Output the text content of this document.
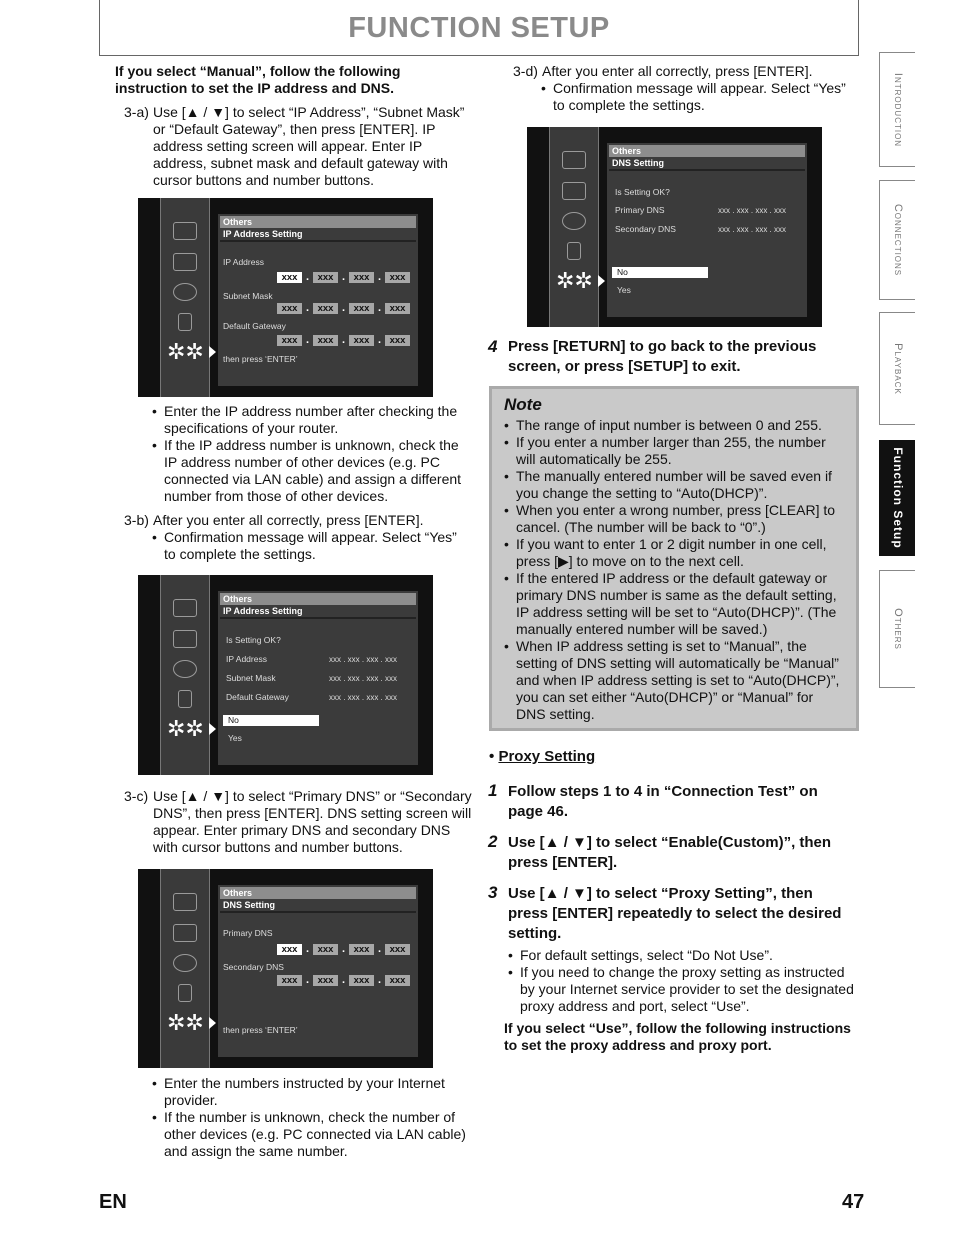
FUNCTION SETUP
Introduction
Connections
Playback
Function Setup
Others
If you select “Manual”, follow the following instruction to set the IP address and DNS.
3-a) Use [▲ / ▼] to select “IP Address”, “Subnet Mask”
or “Default Gateway”, then press [ENTER]. IP
address setting screen will appear. Enter IP
address, subnet mask and default gateway with
cursor buttons and number buttons.
✲✲
Others
IP Address Setting
IP Address
xxx . xxx . xxx . xxx
Subnet Mask
xxx . xxx . xxx . xxx
Default Gateway
xxx . xxx . xxx . xxx
then press ‘ENTER’
• Enter the IP address number after checking the specifications of your router.
• If the IP address number is unknown, check the IP address number of other devices (e.g. PC connected via LAN cable) and assign a different number from those of other devices.
3-b) After you enter all correctly, press [ENTER].
• Confirmation message will appear. Select “Yes” to complete the settings.
✲✲
Others
IP Address Setting
Is Setting OK?
IP Address	xxx . xxx . xxx . xxx
Subnet Mask	xxx . xxx . xxx . xxx
Default Gateway	xxx . xxx . xxx . xxx
No
Yes
3-c) Use [▲ / ▼] to select “Primary DNS” or “Secondary
DNS”, then press [ENTER]. DNS setting screen will
appear. Enter primary DNS and secondary DNS
with cursor buttons and number buttons.
✲✲
Others
DNS Setting
Primary DNS
xxx . xxx . xxx . xxx
Secondary DNS
xxx . xxx . xxx . xxx
then press ‘ENTER’
• Enter the numbers instructed by your Internet provider.
• If the number is unknown, check the number of other devices (e.g. PC connected via LAN cable) and assign the same number.
3-d) After you enter all correctly, press [ENTER].
• Confirmation message will appear. Select “Yes” to complete the settings.
✲✲
Others
DNS Setting
Is Setting OK?
Primary DNS	xxx . xxx . xxx . xxx
Secondary DNS	xxx . xxx . xxx . xxx
No
Yes
4 Press [RETURN] to go back to the previous
screen, or press [SETUP] to exit.
Note
• The range of input number is between 0 and 255.
• If you enter a number larger than 255, the number will automatically be 255.
• The manually entered number will be saved even if you change the setting to “Auto(DHCP)”.
• When you enter a wrong number, press [CLEAR] to cancel. (The number will be back to “0”.)
• If you want to enter 1 or 2 digit number in one cell, press [▶] to move on to the next cell.
• If the entered IP address or the default gateway or primary DNS number is same as the default setting, IP address setting will be set to “Auto(DHCP)”. (The manually entered number will be saved.)
• When IP address setting is set to “Manual”, the setting of DNS setting will automatically be “Manual” and when IP address setting is set to “Auto(DHCP)”, you can set either “Auto(DHCP)” or “Manual” for DNS setting.
• Proxy Setting
1 Follow steps 1 to 4 in “Connection Test” on
page 46.
2 Use [▲ / ▼] to select “Enable(Custom)”, then
press [ENTER].
3 Use [▲ / ▼] to select “Proxy Setting”, then
press [ENTER] repeatedly to select the desired
setting.
• For default settings, select “Do Not Use”.
• If you need to change the proxy setting as instructed by your Internet service provider to set the designated proxy address and port, select “Use”.
If you select “Use”, follow the following instructions to set the proxy address and proxy port.
EN	47
